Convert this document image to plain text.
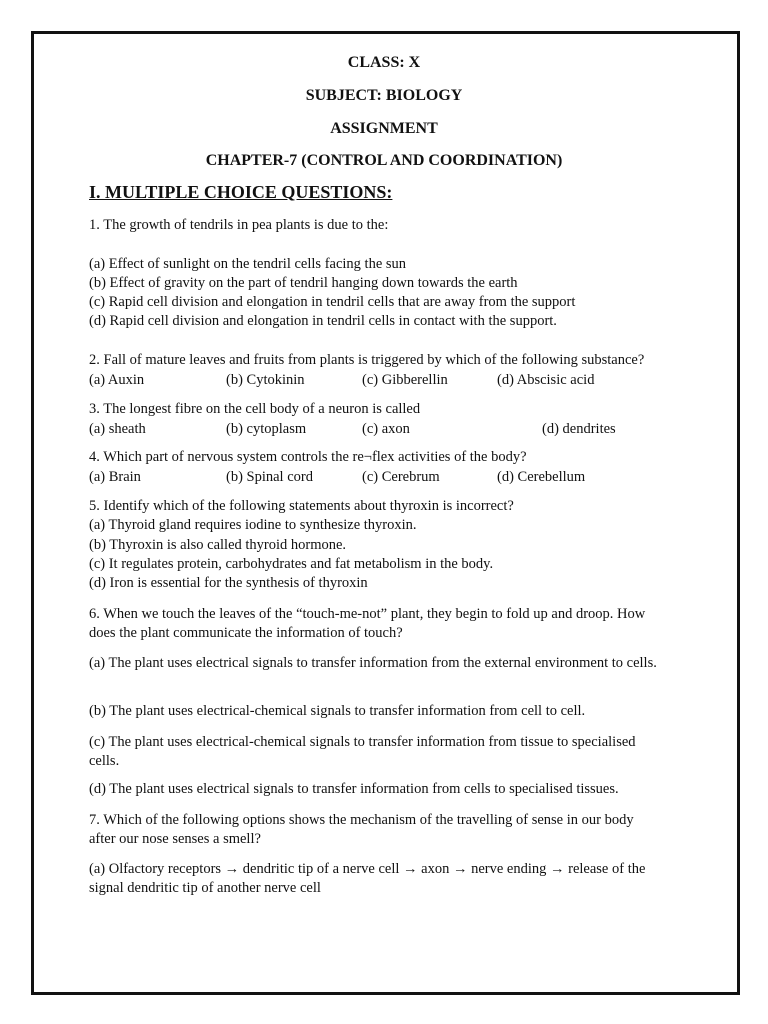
CLASS: X
SUBJECT: BIOLOGY
ASSIGNMENT
CHAPTER-7 (CONTROL AND COORDINATION)
I. MULTIPLE CHOICE QUESTIONS:
1. The growth of tendrils in pea plants is due to the:
(a) Effect of sunlight on the tendril cells facing the sun
(b) Effect of gravity on the part of tendril hanging down towards the earth
(c) Rapid cell division and elongation in tendril cells that are away from the support
(d) Rapid cell division and elongation in tendril cells in contact with the support.
2. Fall of mature leaves and fruits from plants is triggered by which of the following substance?
(a) Auxin	(b) Cytokinin	(c) Gibberellin	(d) Abscisic acid
3. The longest fibre on the cell body of a neuron is called
(a) sheath	(b) cytoplasm	(c) axon	(d) dendrites
4. Which part of nervous system controls the re¬flex activities of the body?
(a) Brain	(b) Spinal cord	(c) Cerebrum	(d) Cerebellum
5. Identify which of the following statements about thyroxin is incorrect?
(a) Thyroid gland requires iodine to synthesize thyroxin.
(b) Thyroxin is also called thyroid hormone.
(c) It regulates protein, carbohydrates and fat metabolism in the body.
(d) Iron is essential for the synthesis of thyroxin
6. When we touch the leaves of the “touch-me-not” plant, they begin to fold up and droop. How does the plant communicate the information of touch?
(a) The plant uses electrical signals to transfer information from the external environment to cells.
(b) The plant uses electrical-chemical signals to transfer information from cell to cell.
(c) The plant uses electrical-chemical signals to transfer information from tissue to specialised cells.
(d) The plant uses electrical signals to transfer information from cells to specialised tissues.
7. Which of the following options shows the mechanism of the travelling of sense in our body after our nose senses a smell?
(a) Olfactory receptors → dendritic tip of a nerve cell → axon → nerve ending → release of the signal dendritic tip of another nerve cell
